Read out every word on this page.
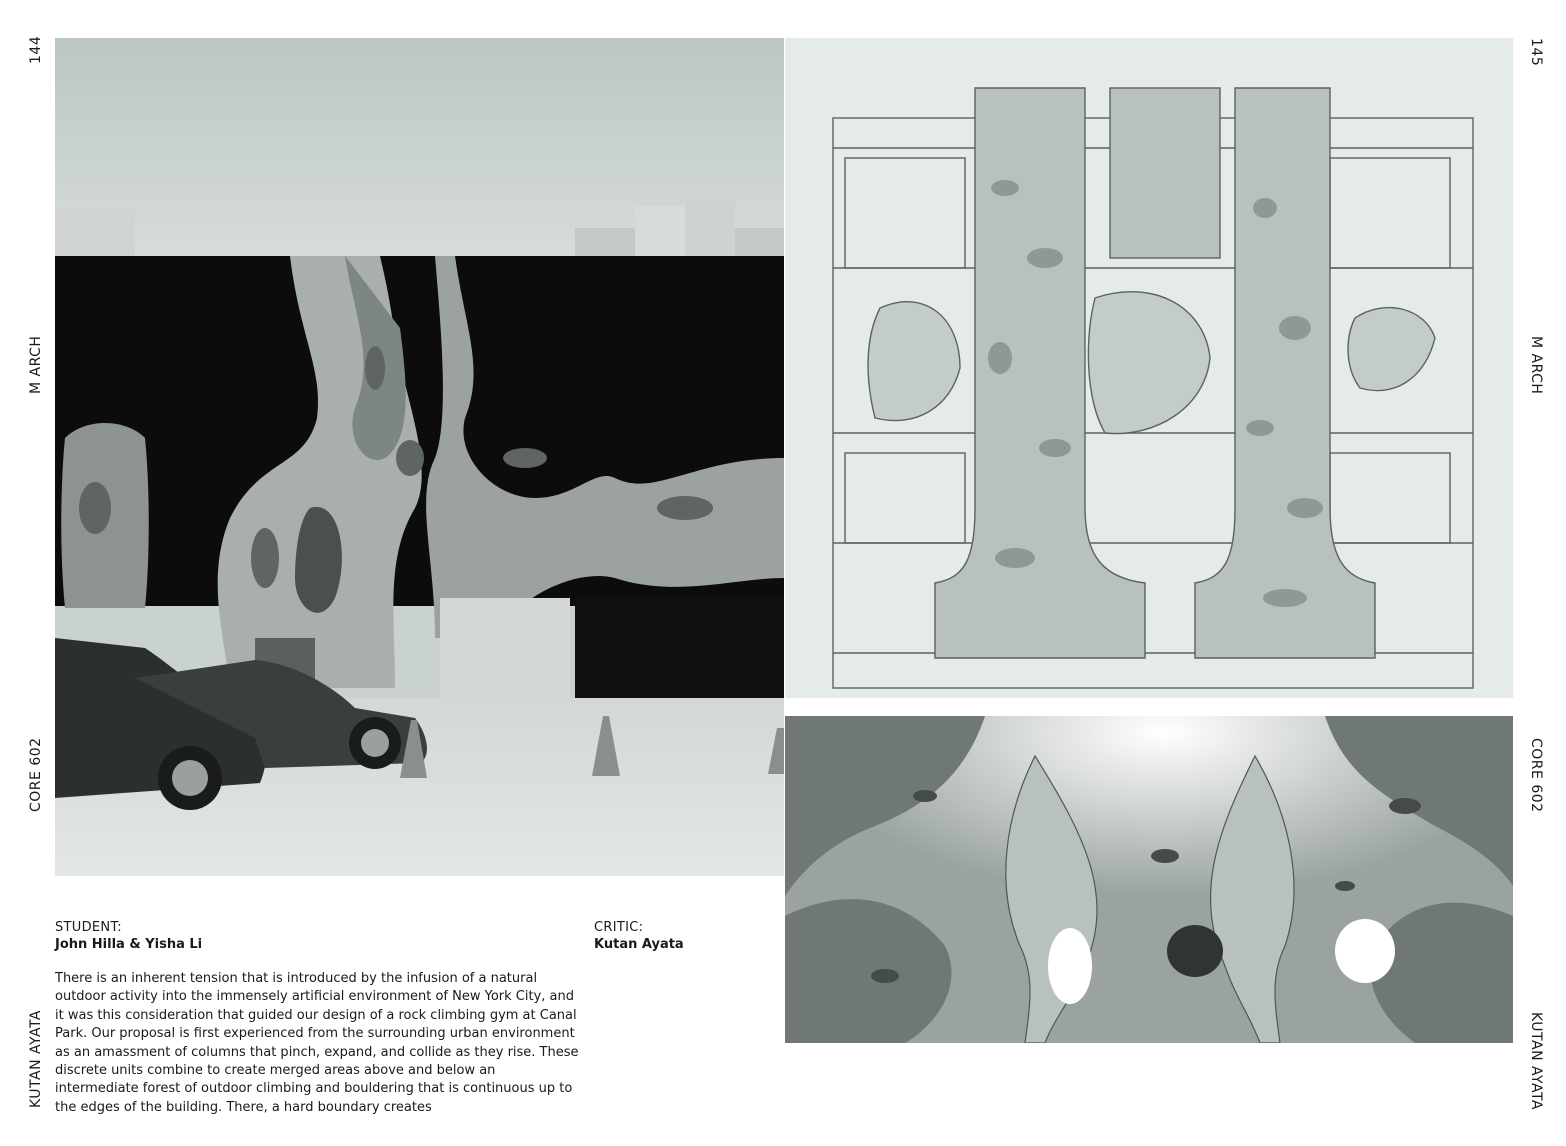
144
M ARCH
CORE 602
KUTAN AYATA
145
M ARCH
CORE 602
KUTAN AYATA
STUDENT:
John Hilla & Yisha Li
CRITIC:
Kutan Ayata

There is an inherent tension that is introduced by the infusion of a natural outdoor activity into the immensely artificial environment of New York City, and it was this consideration that guided our design of a rock climbing gym at Canal Park. Our proposal is first experienced from the surrounding urban environment as an amassment of columns that pinch, expand, and collide as they rise. These discrete units combine to create merged areas above and below an intermediate forest of outdoor climbing and bouldering that is continuous up to the edges of the building. There, a hard boundary creates
